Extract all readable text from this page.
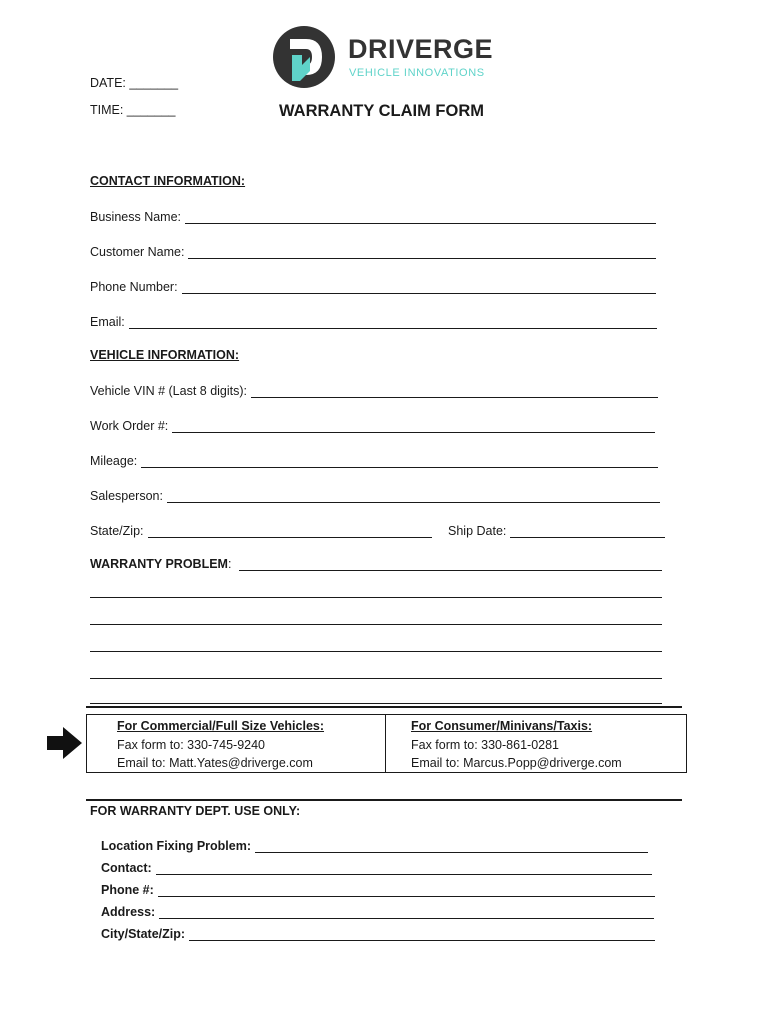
DRIVERGE
VEHICLE INNOVATIONS
DATE: _______
TIME: _______	WARRANTY CLAIM FORM
CONTACT INFORMATION:
Business Name:
Customer Name:
Phone Number:
Email:
VEHICLE INFORMATION:
Vehicle VIN # (Last 8 digits):
Work Order #:
Mileage:
Salesperson:
State/Zip:	Ship Date:
WARRANTY PROBLEM:
For Commercial/Full Size Vehicles:
Fax form to: 330-745-9240
Email to: Matt.Yates@driverge.com
For Consumer/Minivans/Taxis:
Fax form to: 330-861-0281
Email to: Marcus.Popp@driverge.com
FOR WARRANTY DEPT. USE ONLY:
Location Fixing Problem:
Contact:
Phone #:
Address:
City/State/Zip:
